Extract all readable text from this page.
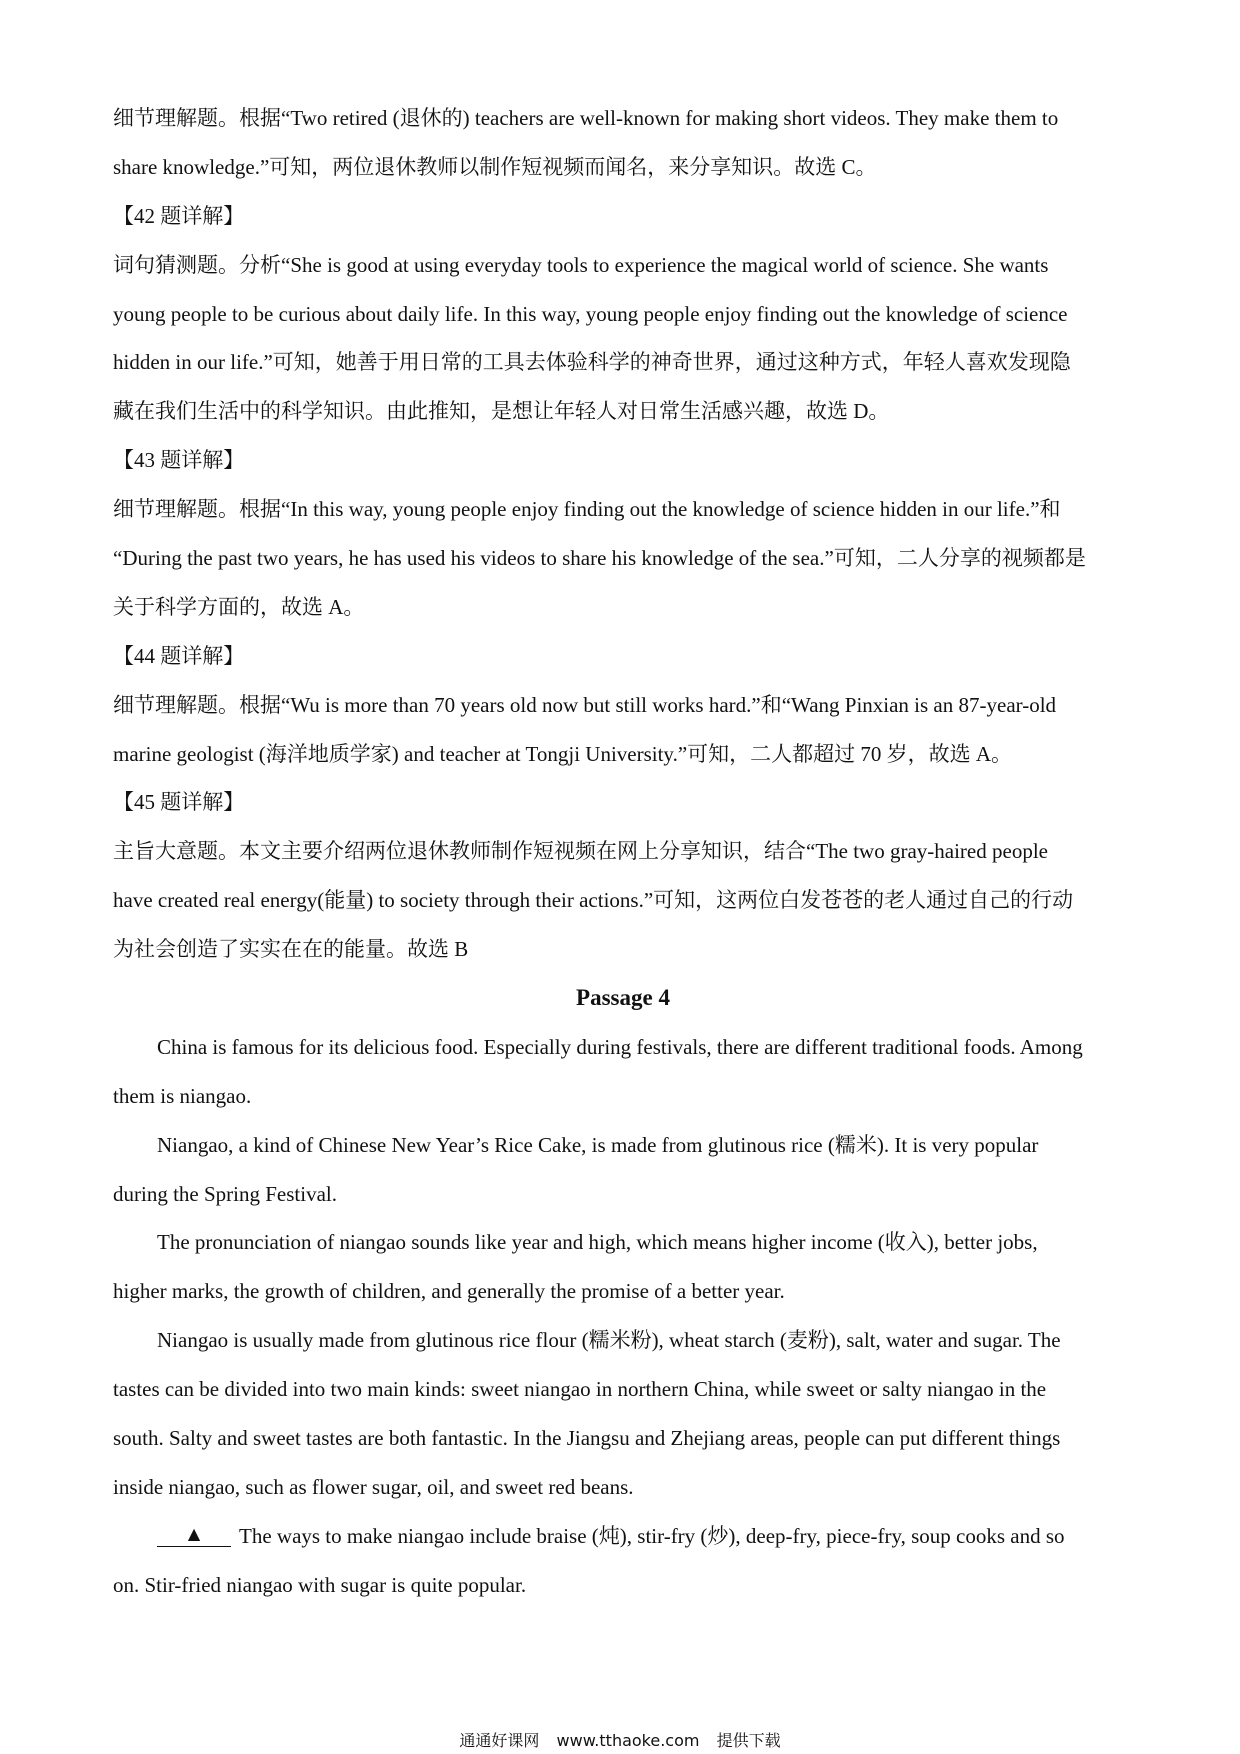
细节理解题。根据“Two retired (退休的) teachers are well-known for making short videos. They make them to
share knowledge.”可知，两位退休教师以制作短视频而闻名，来分享知识。故选 C。
【42 题详解】
词句猜测题。分析“She is good at using everyday tools to experience the magical world of science. She wants
young people to be curious about daily life. In this way, young people enjoy finding out the knowledge of science
hidden in our life.”可知，她善于用日常的工具去体验科学的神奇世界，通过这种方式，年轻人喜欢发现隐
藏在我们生活中的科学知识。由此推知，是想让年轻人对日常生活感兴趣，故选 D。
【43 题详解】
细节理解题。根据“In this way, young people enjoy finding out the knowledge of science hidden in our life.”和
“During the past two years, he has used his videos to share his knowledge of the sea.”可知，二人分享的视频都是
关于科学方面的，故选 A。
【44 题详解】
细节理解题。根据“Wu is more than 70 years old now but still works hard.”和“Wang Pinxian is an 87-year-old
marine geologist (海洋地质学家) and teacher at Tongji University.”可知，二人都超过 70 岁，故选 A。
【45 题详解】
主旨大意题。本文主要介绍两位退休教师制作短视频在网上分享知识，结合“The two gray-haired people
have created real energy(能量) to society through their actions.”可知，这两位白发苍苍的老人通过自己的行动
为社会创造了实实在在的能量。故选 B
Passage 4
China is famous for its delicious food. Especially during festivals, there are different traditional foods. Among
them is niangao.
Niangao, a kind of Chinese New Year’s Rice Cake, is made from glutinous rice (糯米). It is very popular
during the Spring Festival.
The pronunciation of niangao sounds like year and high, which means higher income (收入), better jobs,
higher marks, the growth of children, and generally the promise of a better year.
Niangao is usually made from glutinous rice flour (糯米粉), wheat starch (麦粉), salt, water and sugar. The
tastes can be divided into two main kinds: sweet niangao in northern China, while sweet or salty niangao in the
south. Salty and sweet tastes are both fantastic. In the Jiangsu and Zhejiang areas, people can put different things
inside niangao, such as flower sugar, oil, and sweet red beans.
▲ The ways to make niangao include braise (炖), stir-fry (炒), deep-fry, piece-fry, soup cooks and so
on. Stir-fried niangao with sugar is quite popular.
通通好课网 www.tthaoke.com 提供下载
